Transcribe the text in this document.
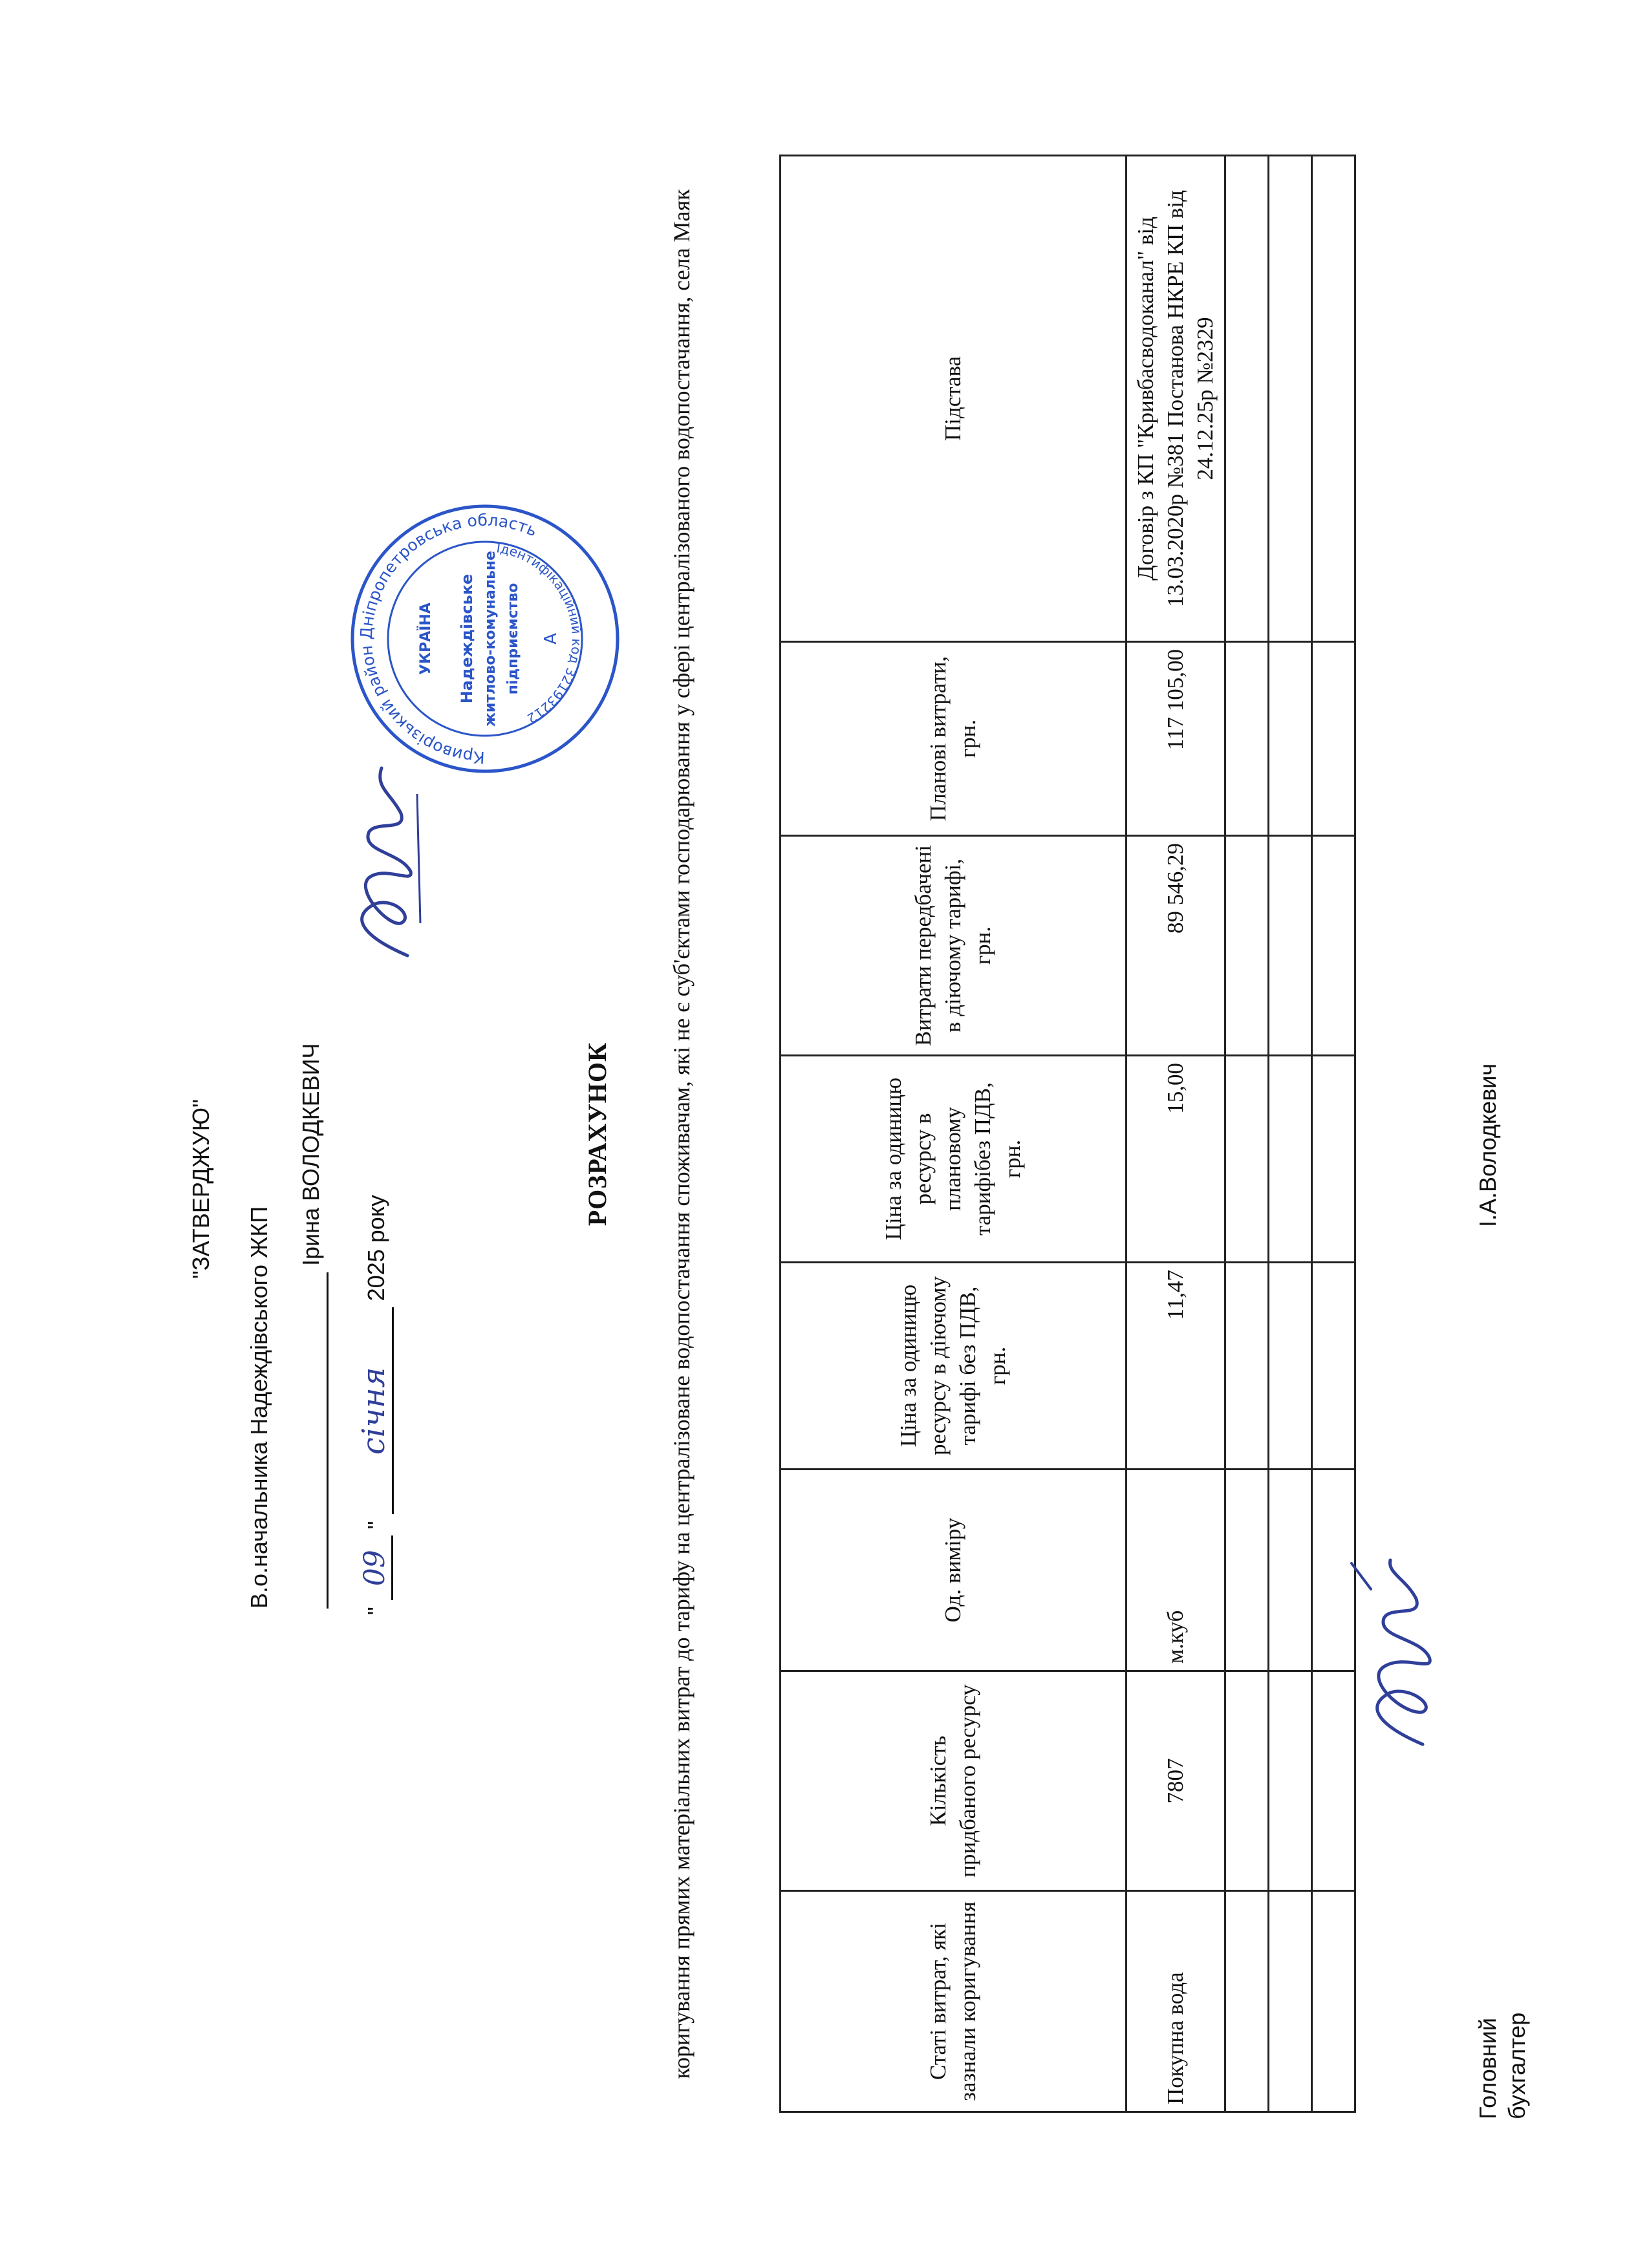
"ЗАТВЕРДЖУЮ"
В.о.начальника Надеждівського ЖКП
Ірина ВОЛОДКЕВИЧ
" 09 " січня 2025 року
Криворізький район Дніпропетровська область
Ідентифікаційний код 32193212
УКРАЇНА Надеждівське житлово-комунальне підприємство А
РОЗРАХУНОК коригування прямих матеріальних витрат до тарифу на централізоване водопостачання споживачам, які не є суб'єктами господарювання у сфері централізованого водопостачання, села Маяк	Статі витрат, які зазнали коригування	Кількість придбаного ресурсу	Од. виміру	Ціна за одиницю ресурсу в діючому тарифі без ПДВ, грн.	Ціна за одиницю ресурсу в плановому тарифібез ПДВ, грн.	Витрати передбачені в діючому тарифі, грн.	Планові витрати, грн.	Підстава
Покупна вода	7807	м.куб	11,47	15,00	89 546,29	117 105,00	Договір з КП "Кривбасводоканал" від 13.03.2020р №381 Постанова НКРЕ КП від 24.12.25р №2329

Головний бухгалтер
І.А.Володкевич
